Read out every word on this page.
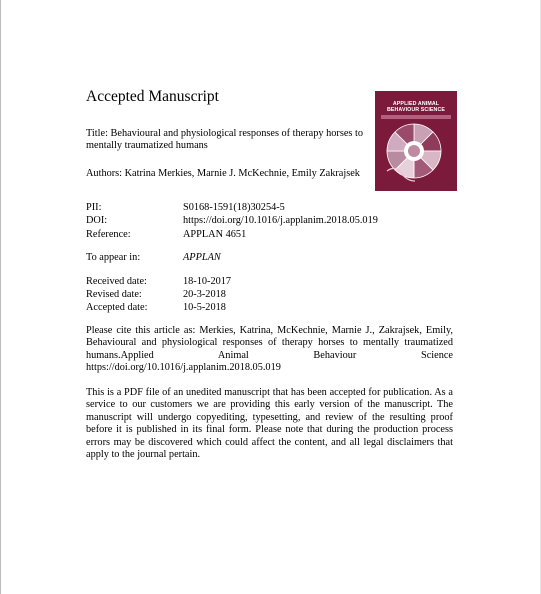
Accepted Manuscript
Title: Behavioural and physiological responses of therapy horses to mentally traumatized humans
Authors: Katrina Merkies, Marnie J. McKechnie, Emily Zakrajsek
PII:	S0168-1591(18)30254-5
DOI:	https://doi.org/10.1016/j.applanim.2018.05.019
Reference:	APPLAN 4651
To appear in:	APPLAN
Received date:	18-10-2017
Revised date:	20-3-2018
Accepted date:	10-5-2018
Please cite this article as: Merkies, Katrina, McKechnie, Marnie J., Zakrajsek, Emily, Behavioural and physiological responses of therapy horses to mentally traumatized humans.Applied Animal Behaviour Science https://doi.org/10.1016/j.applanim.2018.05.019
This is a PDF file of an unedited manuscript that has been accepted for publication. As a service to our customers we are providing this early version of the manuscript. The manuscript will undergo copyediting, typesetting, and review of the resulting proof before it is published in its final form. Please note that during the production process errors may be discovered which could affect the content, and all legal disclaimers that apply to the journal pertain.
APPLIED ANIMAL BEHAVIOUR SCIENCE
